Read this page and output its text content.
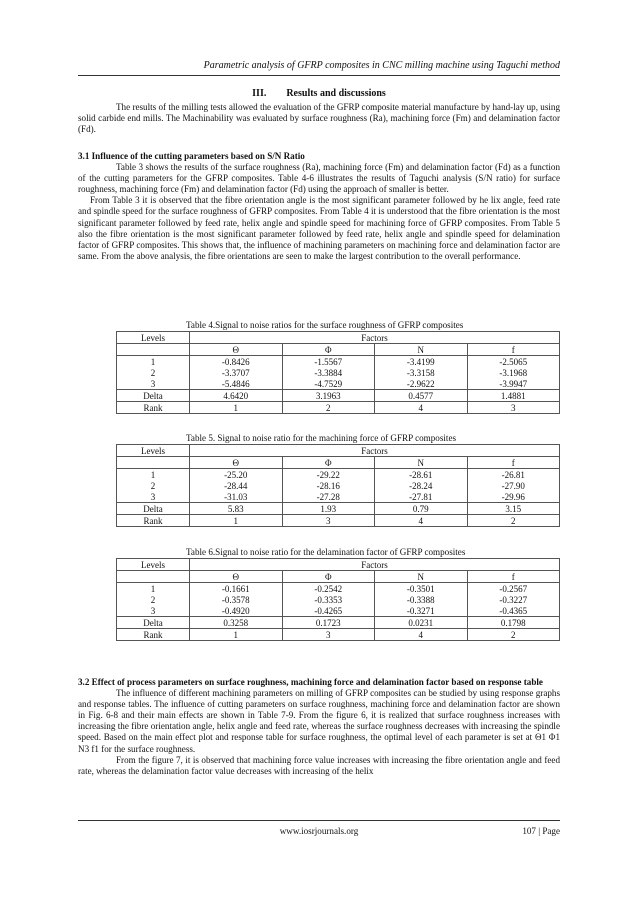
Parametric analysis of GFRP composites in CNC milling machine using Taguchi method
III.        Results and discussions

The results of the milling tests allowed the evaluation of the GFRP composite material manufacture by hand-lay up, using solid carbide end mills. The Machinability was evaluated by surface roughness (Ra), machining force (Fm) and delamination factor (Fd).

3.1 Influence of the cutting parameters based on S/N Ratio

Table 3 shows the results of the surface roughness (Ra), machining force (Fm) and delamination factor (Fd) as a function of the cutting parameters for the GFRP composites. Table 4-6 illustrates the results of Taguchi analysis (S/N ratio) for surface roughness, machining force (Fm) and delamination factor (Fd) using the approach of smaller is better.

From Table 3 it is observed that the fibre orientation angle is the most significant parameter followed by he lix angle, feed rate and spindle speed for the surface roughness of GFRP composites. From Table 4 it is understood that the fibre orientation is the most significant parameter followed by feed rate, helix angle and spindle speed for machining force of GFRP composites. From Table 5 also the fibre orientation is the most significant parameter followed by feed rate, helix angle and spindle speed for delamination factor of GFRP composites. This shows that, the influence of machining parameters on machining force and delamination factor are same. From the above analysis, the fibre orientations are seen to make the largest contribution to the overall performance.

Table 4.Signal to noise ratios for the surface roughness of GFRP composites
Levels	Factors			
	Θ	Φ	N	f
1	-0.8426	-1.5567	-3.4199	-2.5065
2	-3.3707	-3.3884	-3.3158	-3.1968
3	-5.4846	-4.7529	-2.9622	-3.9947
Delta	4.6420	3.1963	0.4577	1.4881
Rank	1	2	4	3
Table 5. Signal to noise ratio for the machining force of GFRP composites
Levels	Factors			
	Θ	Φ	N	f
1	-25.20	-29.22	-28.61	-26.81
2	-28.44	-28.16	-28.24	-27.90
3	-31.03	-27.28	-27.81	-29.96
Delta	5.83	1.93	0.79	3.15
Rank	1	3	4	2
Table 6.Signal to noise ratio for the delamination factor of GFRP composites
Levels	Factors			
	Θ	Φ	N	f
1	-0.1661	-0.2542	-0.3501	-0.2567
2	-0.3578	-0.3353	-0.3388	-0.3227
3	-0.4920	-0.4265	-0.3271	-0.4365
Delta	0.3258	0.1723	0.0231	0.1798
Rank	1	3	4	2

3.2 Effect of process parameters on surface roughness, machining force and delamination factor based on response table

The influence of different machining parameters on milling of GFRP composites can be studied by using response graphs and response tables. The influence of cutting parameters on surface roughness, machining force and delamination factor are shown in Fig. 6-8 and their main effects are shown in Table 7-9. From the figure 6, it is realized that surface roughness increases with increasing the fibre orientation angle, helix angle and feed rate, whereas the surface roughness decreases with increasing the spindle speed. Based on the main effect plot and response table for surface roughness, the optimal level of each parameter is set at Θ1 Φ1 N3 f1 for the surface roughness.

From the figure 7, it is observed that machining force value increases with increasing the fibre orientation angle and feed rate, whereas the delamination factor value decreases with increasing of the helix

www.iosrjournals.org	107 | Page
